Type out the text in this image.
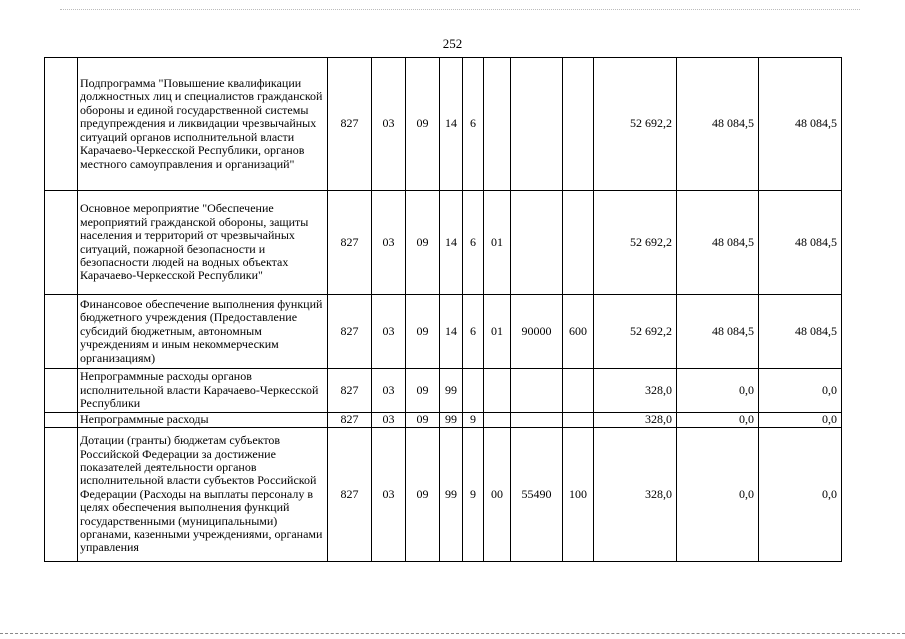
252
	Подпрограмма "Повышение квалификации должностных лиц и специалистов гражданской обороны и единой государственной системы предупреждения и ликвидации чрезвычайных ситуаций органов исполнительной власти Карачаево-Черкесской Республики, органов местного самоуправления и организаций"	827	03	09	14	6				52 692,2	48 084,5	48 084,5
	Основное мероприятие "Обеспечение мероприятий гражданской обороны, защиты населения и территорий от чрезвычайных ситуаций, пожарной безопасности и безопасности людей на водных объектах Карачаево-Черкесской Республики"	827	03	09	14	6	01			52 692,2	48 084,5	48 084,5
	Финансовое обеспечение выполнения функций бюджетного учреждения (Предоставление субсидий бюджетным, автономным учреждениям и иным некоммерческим организациям)	827	03	09	14	6	01	90000	600	52 692,2	48 084,5	48 084,5
	Непрограммные расходы органов исполнительной власти Карачаево-Черкесской Республики	827	03	09	99					328,0	0,0	0,0
	Непрограммные расходы	827	03	09	99	9				328,0	0,0	0,0
	Дотации (гранты) бюджетам субъектов Российской Федерации за достижение показателей деятельности органов исполнительной власти субъектов Российской Федерации (Расходы на выплаты персоналу в целях обеспечения выполнения функций государственными (муниципальными) органами, казенными учреждениями, органами управления	827	03	09	99	9	00	55490	100	328,0	0,0	0,0
